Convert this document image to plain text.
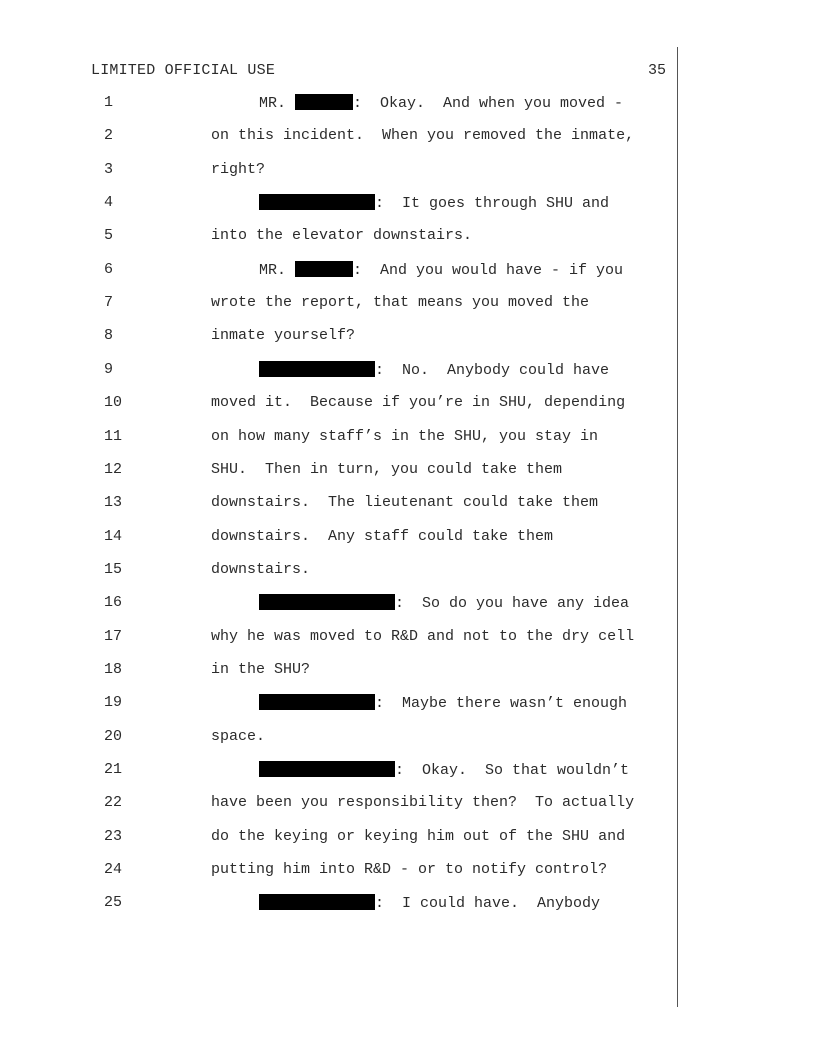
LIMITED OFFICIAL USE	35
1	MR.	:  Okay.  And when you moved -
2	on this incident.  When you removed the inmate,
3	right?
4	:  It goes through SHU and
5	into the elevator downstairs.
6	MR.	:  And you would have - if you
7	wrote the report, that means you moved the
8	inmate yourself?
9	:  No.  Anybody could have
10	moved it.  Because if you’re in SHU, depending
11	on how many staff’s in the SHU, you stay in
12	SHU.  Then in turn, you could take them
13	downstairs.  The lieutenant could take them
14	downstairs.  Any staff could take them
15	downstairs.
16	:  So do you have any idea
17	why he was moved to R&D and not to the dry cell
18	in the SHU?
19	:  Maybe there wasn’t enough
20	space.
21	:  Okay.  So that wouldn’t
22	have been you responsibility then?  To actually
23	do the keying or keying him out of the SHU and
24	putting him into R&D - or to notify control?
25	:  I could have.  Anybody
